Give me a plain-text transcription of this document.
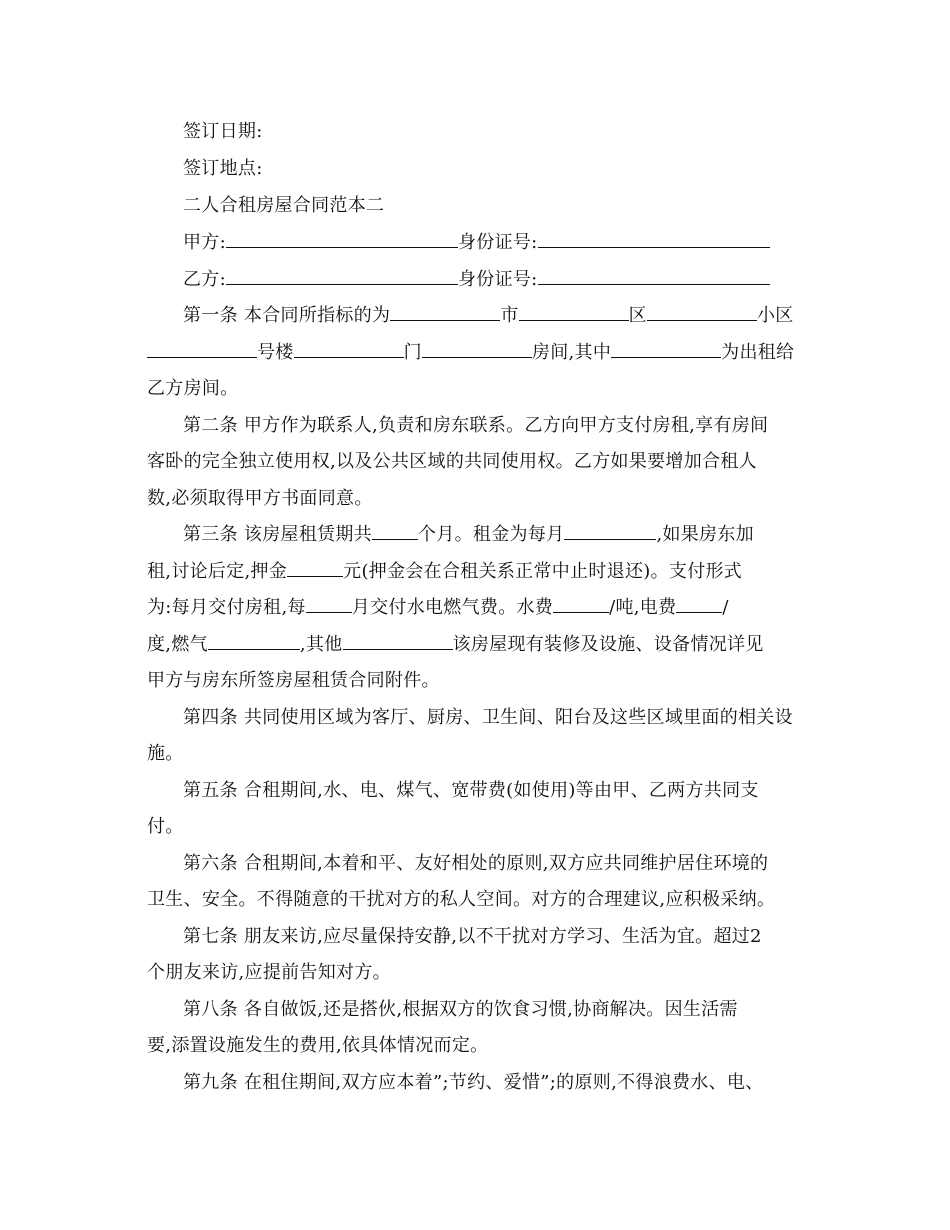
签订日期:
签订地点:
二人合租房屋合同范本二
甲方:	身份证号:
乙方:	身份证号:
第一条 本合同所指标的为	市	区	小区
号楼	门	房间,其中	为出租给
乙方房间。
第二条 甲方作为联系人,负责和房东联系。乙方向甲方支付房租,享有房间
客卧的完全独立使用权,以及公共区域的共同使用权。乙方如果要增加合租人
数,必须取得甲方书面同意。
第三条 该房屋租赁期共	个月。租金为每月	,如果房东加
租,讨论后定,押金	元(押金会在合租关系正常中止时退还)。支付形式
为:每月交付房租,每	月交付水电燃气费。水费	/吨,电费	/
度,燃气	,其他	该房屋现有装修及设施、设备情况详见
甲方与房东所签房屋租赁合同附件。
第四条 共同使用区域为客厅、厨房、卫生间、阳台及这些区域里面的相关设
施。
第五条 合租期间,水、电、煤气、宽带费(如使用)等由甲、乙两方共同支
付。
第六条 合租期间,本着和平、友好相处的原则,双方应共同维护居住环境的
卫生、安全。不得随意的干扰对方的私人空间。对方的合理建议,应积极采纳。
第七条 朋友来访,应尽量保持安静,以不干扰对方学习、生活为宜。超过2
个朋友来访,应提前告知对方。
第八条 各自做饭,还是搭伙,根据双方的饮食习惯,协商解决。因生活需
要,添置设施发生的费用,依具体情况而定。
第九条 在租住期间,双方应本着”;节约、爱惜”;的原则,不得浪费水、电、
